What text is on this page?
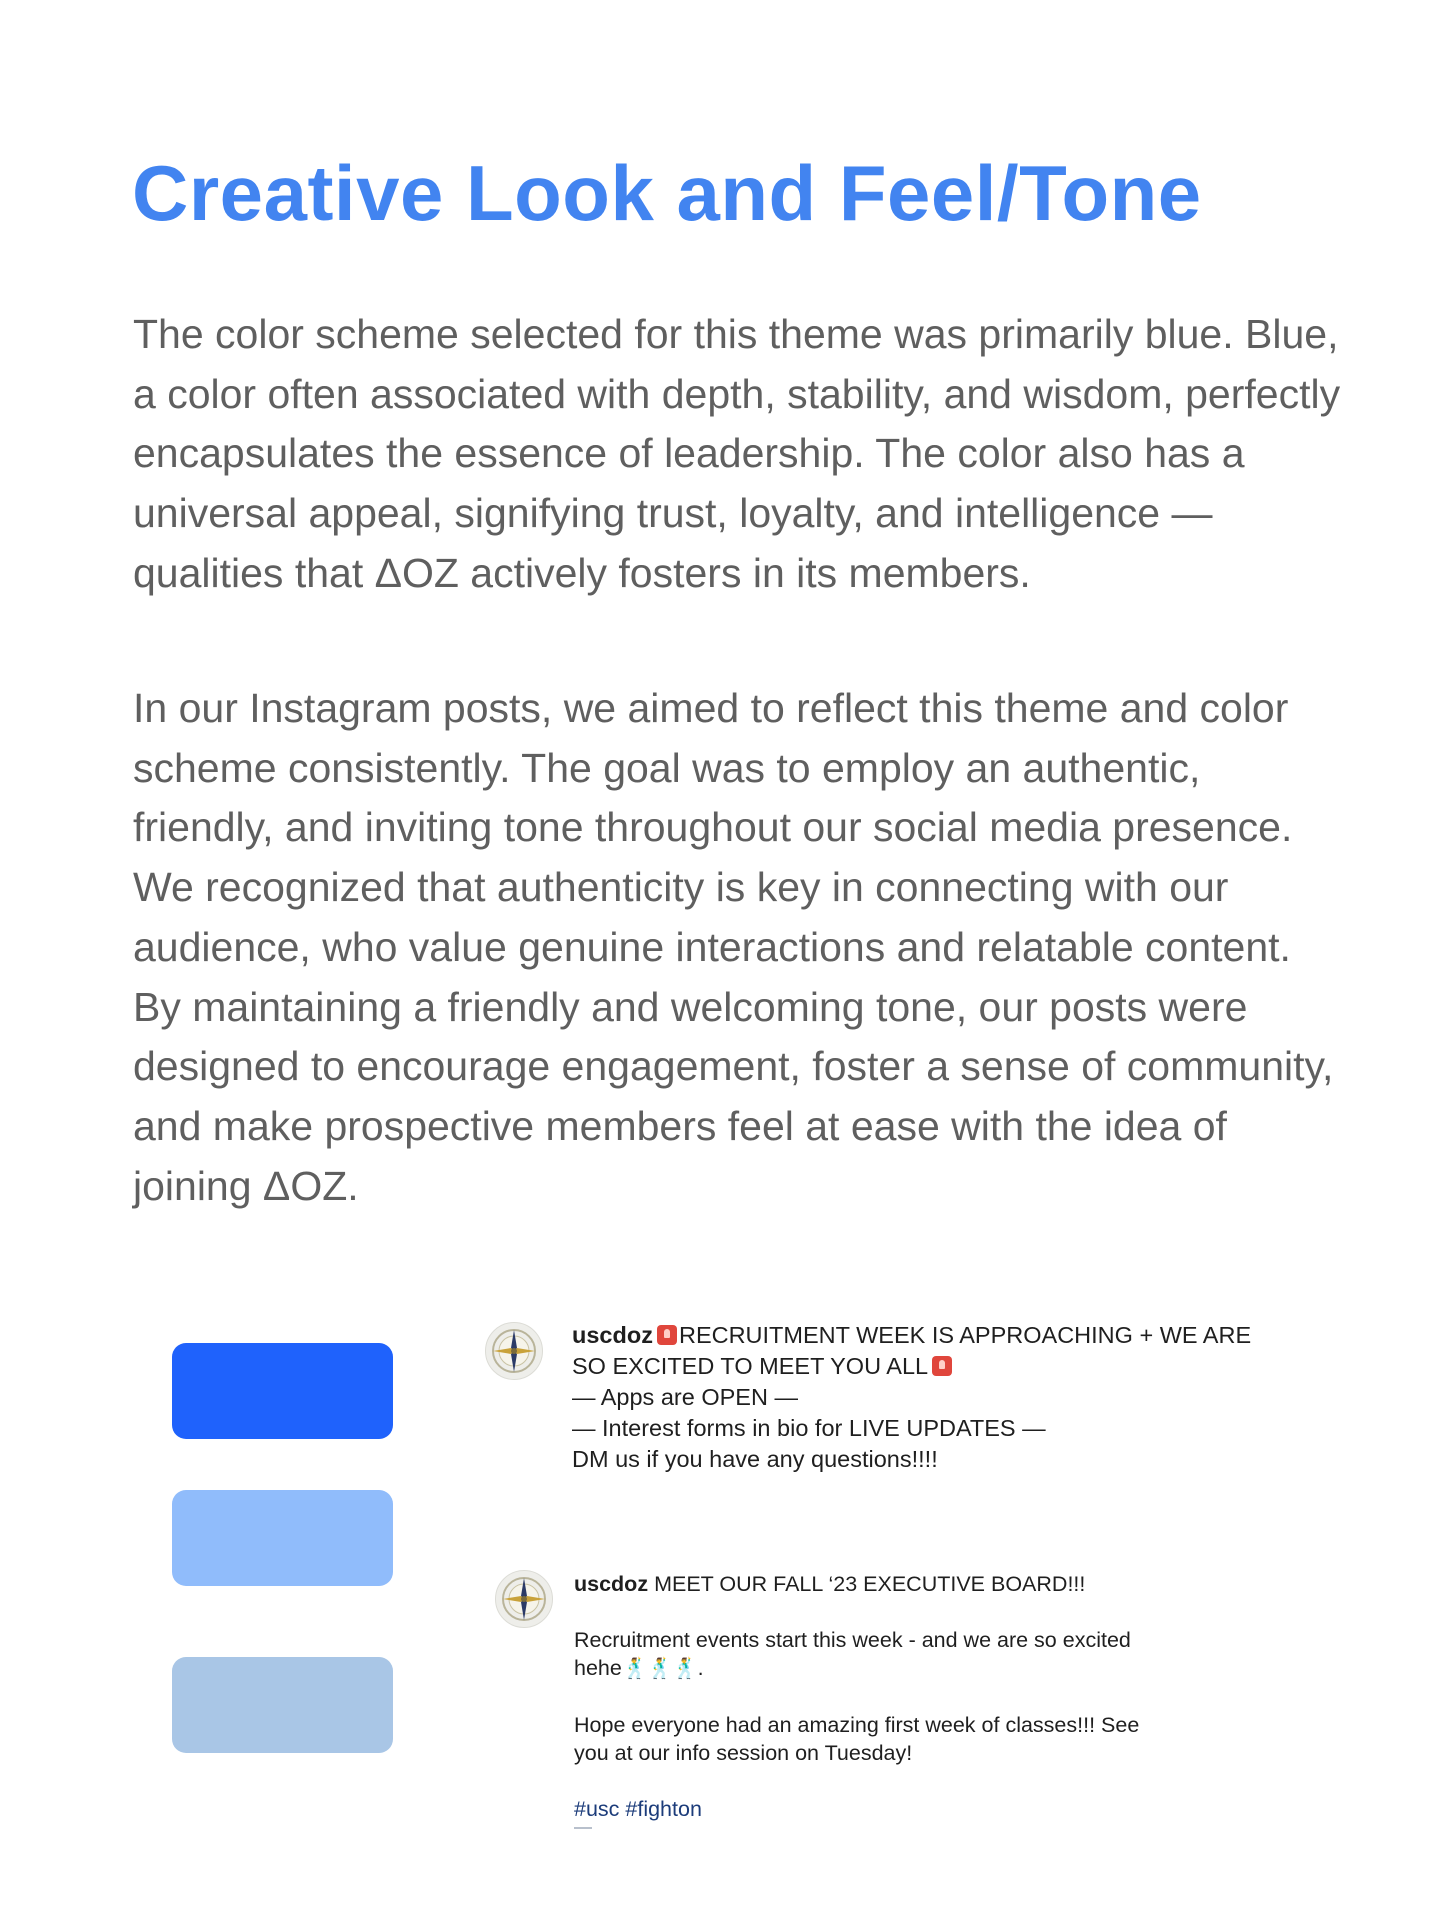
Creative Look and Feel/Tone

The color scheme selected for this theme was primarily blue. Blue, a color often associated with depth, stability, and wisdom, perfectly encapsulates the essence of leadership. The color also has a universal appeal, signifying trust, loyalty, and intelligence — qualities that ΔOZ actively fosters in its members.

In our Instagram posts, we aimed to reflect this theme and color scheme consistently. The goal was to employ an authentic, friendly, and inviting tone throughout our social media presence. We recognized that authenticity is key in connecting with our audience, who value genuine interactions and relatable content. By maintaining a friendly and welcoming tone, our posts were designed to encourage engagement, foster a sense of community, and make prospective members feel at ease with the idea of joining ΔOZ.

uscdoz RECRUITMENT WEEK IS APPROACHING + WE ARE
SO EXCITED TO MEET YOU ALL
— Apps are OPEN —
— Interest forms in bio for LIVE UPDATES —
DM us if you have any questions!!!!
uscdoz MEET OUR FALL ‘23 EXECUTIVE BOARD!!!
Recruitment events start this week - and we are so excited
hehe🕺🕺🕺.
Hope everyone had an amazing first week of classes!!! See
you at our info session on Tuesday!
#usc #fighton
